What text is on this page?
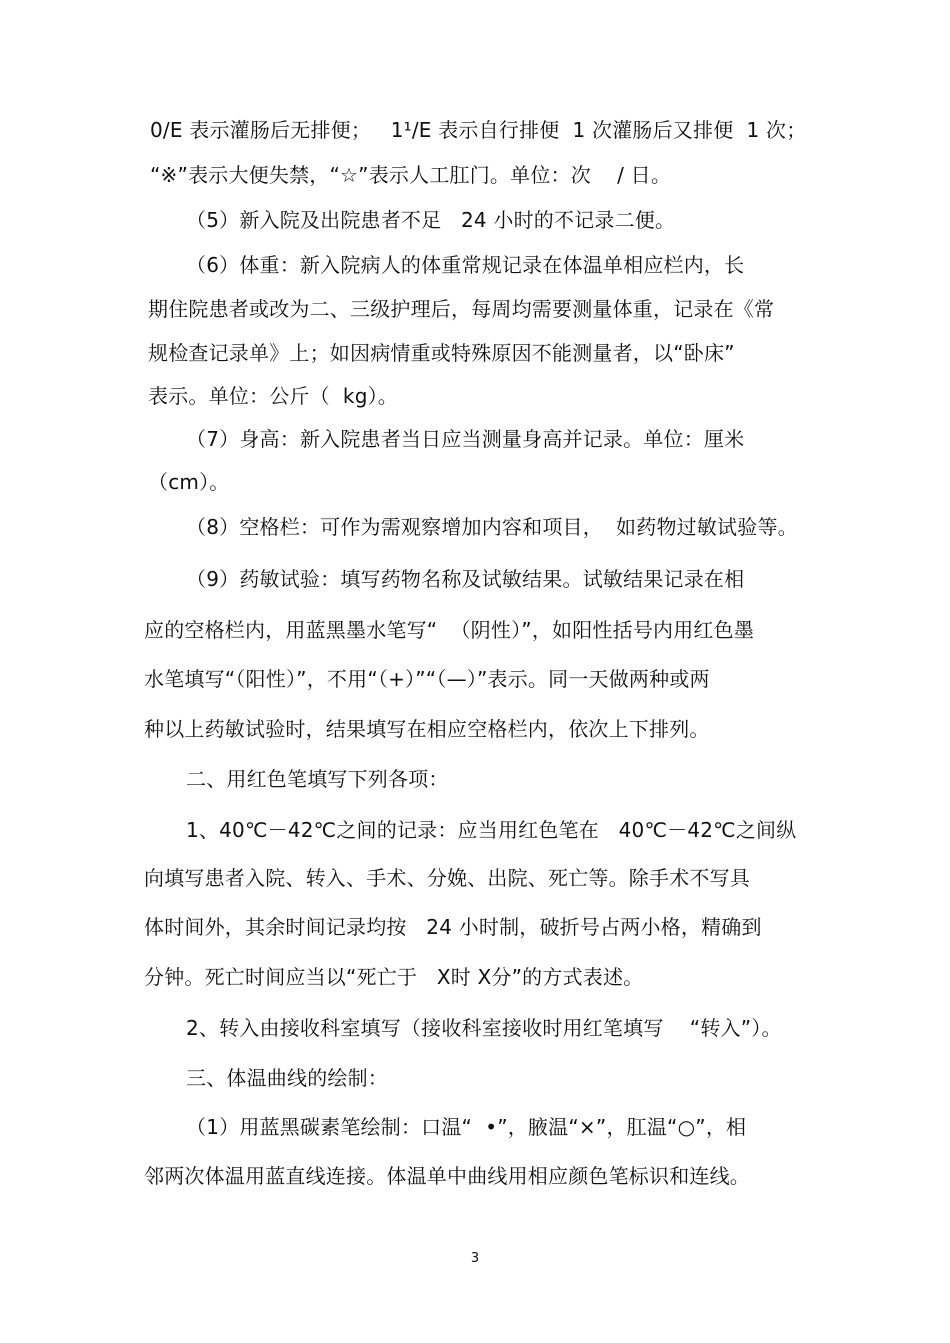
0/E 表示灌肠后无排便；   1¹/E 表示自行排便  1 次灌肠后又排便  1 次；
“※”表示大便失禁，“☆”表示人工肛门。单位：次    / 日。
（5）新入院及出院患者不足   24 小时的不记录二便。
（6）体重：新入院病人的体重常规记录在体温单相应栏内，长
期住院患者或改为二、三级护理后，每周均需要测量体重，记录在《常
规检查记录单》上；如因病情重或特殊原因不能测量者，以“卧床”
表示。单位：公斤（  kg）。
（7）身高：新入院患者当日应当测量身高并记录。单位：厘米
（cm）。
（8）空格栏：可作为需观察增加内容和项目，  如药物过敏试验等。
（9）药敏试验：填写药物名称及试敏结果。试敏结果记录在相
应的空格栏内，用蓝黑墨水笔写“  （阴性）”，如阳性括号内用红色墨
水笔填写“（阳性）”，不用“（+）”“（—）”表示。同一天做两种或两
种以上药敏试验时，结果填写在相应空格栏内，依次上下排列。
二、用红色笔填写下列各项：
1、40℃－42℃之间的记录：应当用红色笔在   40℃－42℃之间纵
向填写患者入院、转入、手术、分娩、出院、死亡等。除手术不写具
体时间外，其余时间记录均按   24 小时制，破折号占两小格，精确到
分钟。死亡时间应当以“死亡于   X时 X分”的方式表述。
2、转入由接收科室填写（接收科室接收时用红笔填写    “转入”）。
三、体温曲线的绘制：
（1）用蓝黑碳素笔绘制：口温“  •”，腋温“×”，肛温“○”，相
邻两次体温用蓝直线连接。体温单中曲线用相应颜色笔标识和连线。
3
